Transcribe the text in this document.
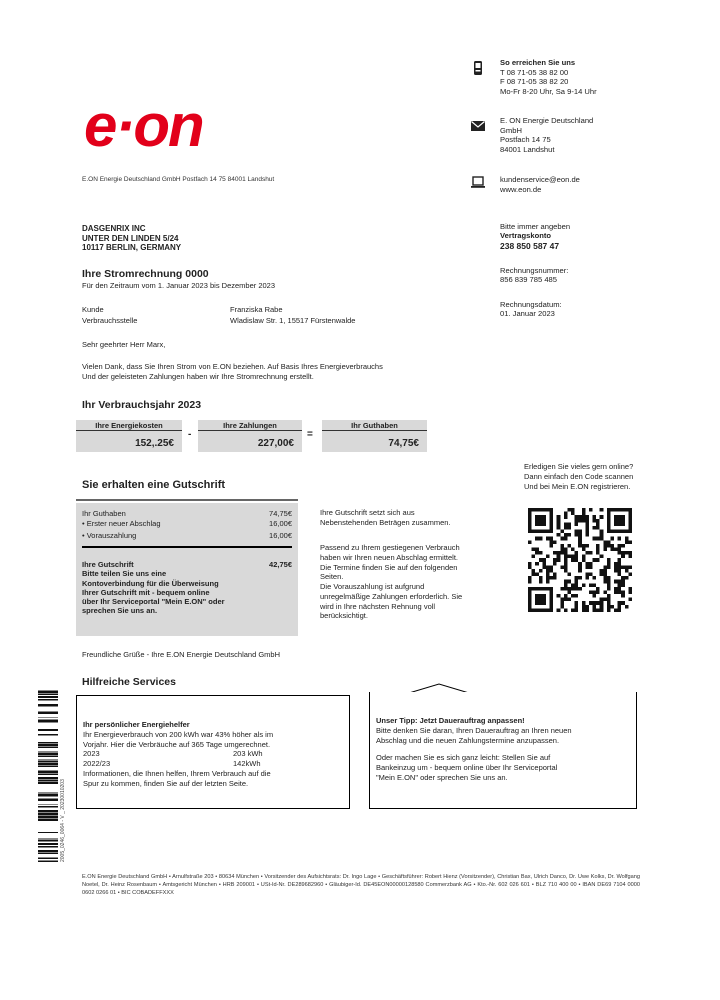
e·on
So erreichen Sie uns
T 08 71-05 38 82 00
F 08 71-05 38 82 20
Mo-Fr 8-20 Uhr, Sa 9-14 Uhr
E. ON Energie Deutschland
GmbH
Postfach 14 75
84001 Landshut
kundenservice@eon.de
www.eon.de
E.ON Energie Deutschland GmbH Postfach 14 75 84001 Landshut
DASGENRIX INC
UNTER DEN LINDEN 5/24
10117 BERLIN, GERMANY
Bitte immer angeben
Vertragskonto
238 850 587 47
Rechnungsnummer:
856 839 785 485
Rechnungsdatum:
01. Januar 2023
Ihre Stromrechnung 0000
Für den Zeitraum vom 1. Januar 2023 bis Dezember 2023
Kunde	Franziska Rabe
Verbrauchsstelle	Wladislaw Str. 1, 15517 Fürstenwalde
Sehr geehrter Herr Marx,
Vielen Dank, dass Sie Ihren Strom von E.ON beziehen. Auf Basis Ihres Energieverbrauchs
Und der geleisteten Zahlungen haben wir Ihre Stromrechnung erstellt.
Ihr Verbrauchsjahr 2023
Ihre Energiekosten
152,.25€
-
Ihre Zahlungen
227,00€
=
Ihr Guthaben
74,75€
Sie erhalten eine Gutschrift
Ihr Guthaben	74,75€
• Erster neuer Abschlag	16,00€
• Vorauszahlung	16,00€
Ihre Gutschrift	42,75€
Bitte teilen Sie uns eine
Kontoverbindung für die Überweisung
Ihrer Gutschrift mit - bequem online
über Ihr Serviceportal "Mein E.ON" oder
sprechen Sie uns an.
Ihre Gutschrift setzt sich aus
Nebenstehenden Beträgen zusammen.
Passend zu Ihrem gestiegenen Verbrauch
haben wir Ihren neuen Abschlag ermittelt.
Die Termine finden Sie auf den folgenden
Seiten.
Die Vorauszahlung ist aufgrund
unregelmäßige Zahlungen erforderlich. Sie
wird in Ihre nächsten Rehnung voll
berücksichtigt.
Erledigen Sie vieles gern online?
Dann einfach den Code scannen
Und bei Mein E.ON registrieren.
Freundliche Grüße - Ihre E.ON Energie Deutschland GmbH
Hilfreiche Services
2005_0246_0064 - V _ 20230010203
Ihr persönlicher Energiehelfer
Ihr Energieverbrauch von 200 kWh war 43% höher als im
Vorjahr. Hier die Verbräuche auf 365 Tage umgerechnet.
2023	203 kWh
2022/23	142kWh
Informationen, die Ihnen helfen, Ihrem Verbrauch auf die
Spur zu kommen, finden Sie auf der letzten Seite.
Unser Tipp: Jetzt Dauerauftrag anpassen!
Bitte denken Sie daran, Ihren Dauerauftrag an Ihren neuen
Abschlag und die neuen Zahlungstermine anzupassen.
Oder machen Sie es sich ganz leicht: Stellen Sie auf
Bankeinzug um - bequem online über Ihr Serviceportal
"Mein E.ON" oder sprechen Sie uns an.
E.ON Energie Deutschland GmbH • Arnulfstraße 203 • 80634 München • Vorsitzender des Aufsichtsrats: Dr. Ingo Lage • Geschäftsführer: Robert Hienz (Vorsitzender), Christian Bax, Ulrich Danco, Dr. Uwe Kolks, Dr. Wolfgang Noetel, Dr. Heinz Rosenbaum • Amtsgericht München • HRB 209001 • USt-Id-Nr. DE289682960 • Gläubiger-Id. DE45EON00000128580 Commerzbank AG • Kto.-Nr. 602 026 601 • BLZ 710 400 00 • IBAN DE69 7104 0000 0602 0266 01 • BIC COBADEFFXXX
